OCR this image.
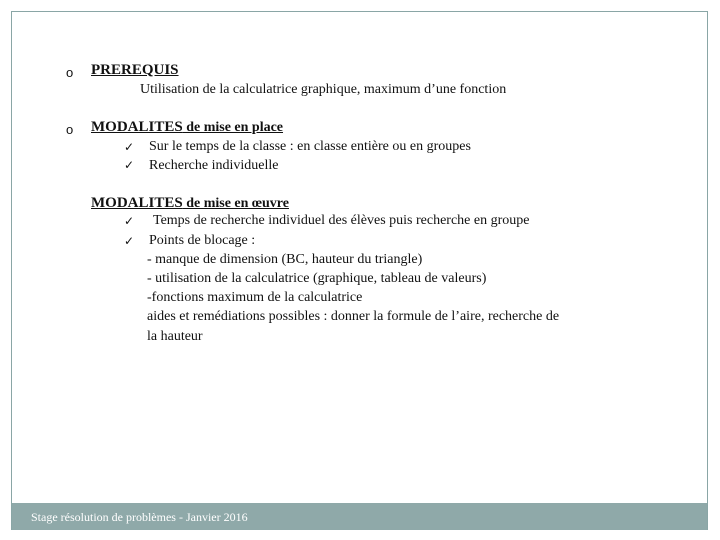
o PREREQUIS
Utilisation de la calculatrice graphique, maximum d’une fonction
o MODALITES de mise en place
✓ Sur le temps de la classe : en classe entière ou en groupes
✓ Recherche individuelle
MODALITES de mise en œuvre
✓ Temps de recherche individuel des élèves puis recherche en groupe
✓ Points de blocage :
- manque de dimension (BC, hauteur du triangle)
- utilisation de la calculatrice (graphique, tableau de valeurs)
-fonctions maximum de la calculatrice
aides et remédiations possibles : donner la formule de l’aire, recherche de
la hauteur
Stage résolution de problèmes - Janvier 2016
